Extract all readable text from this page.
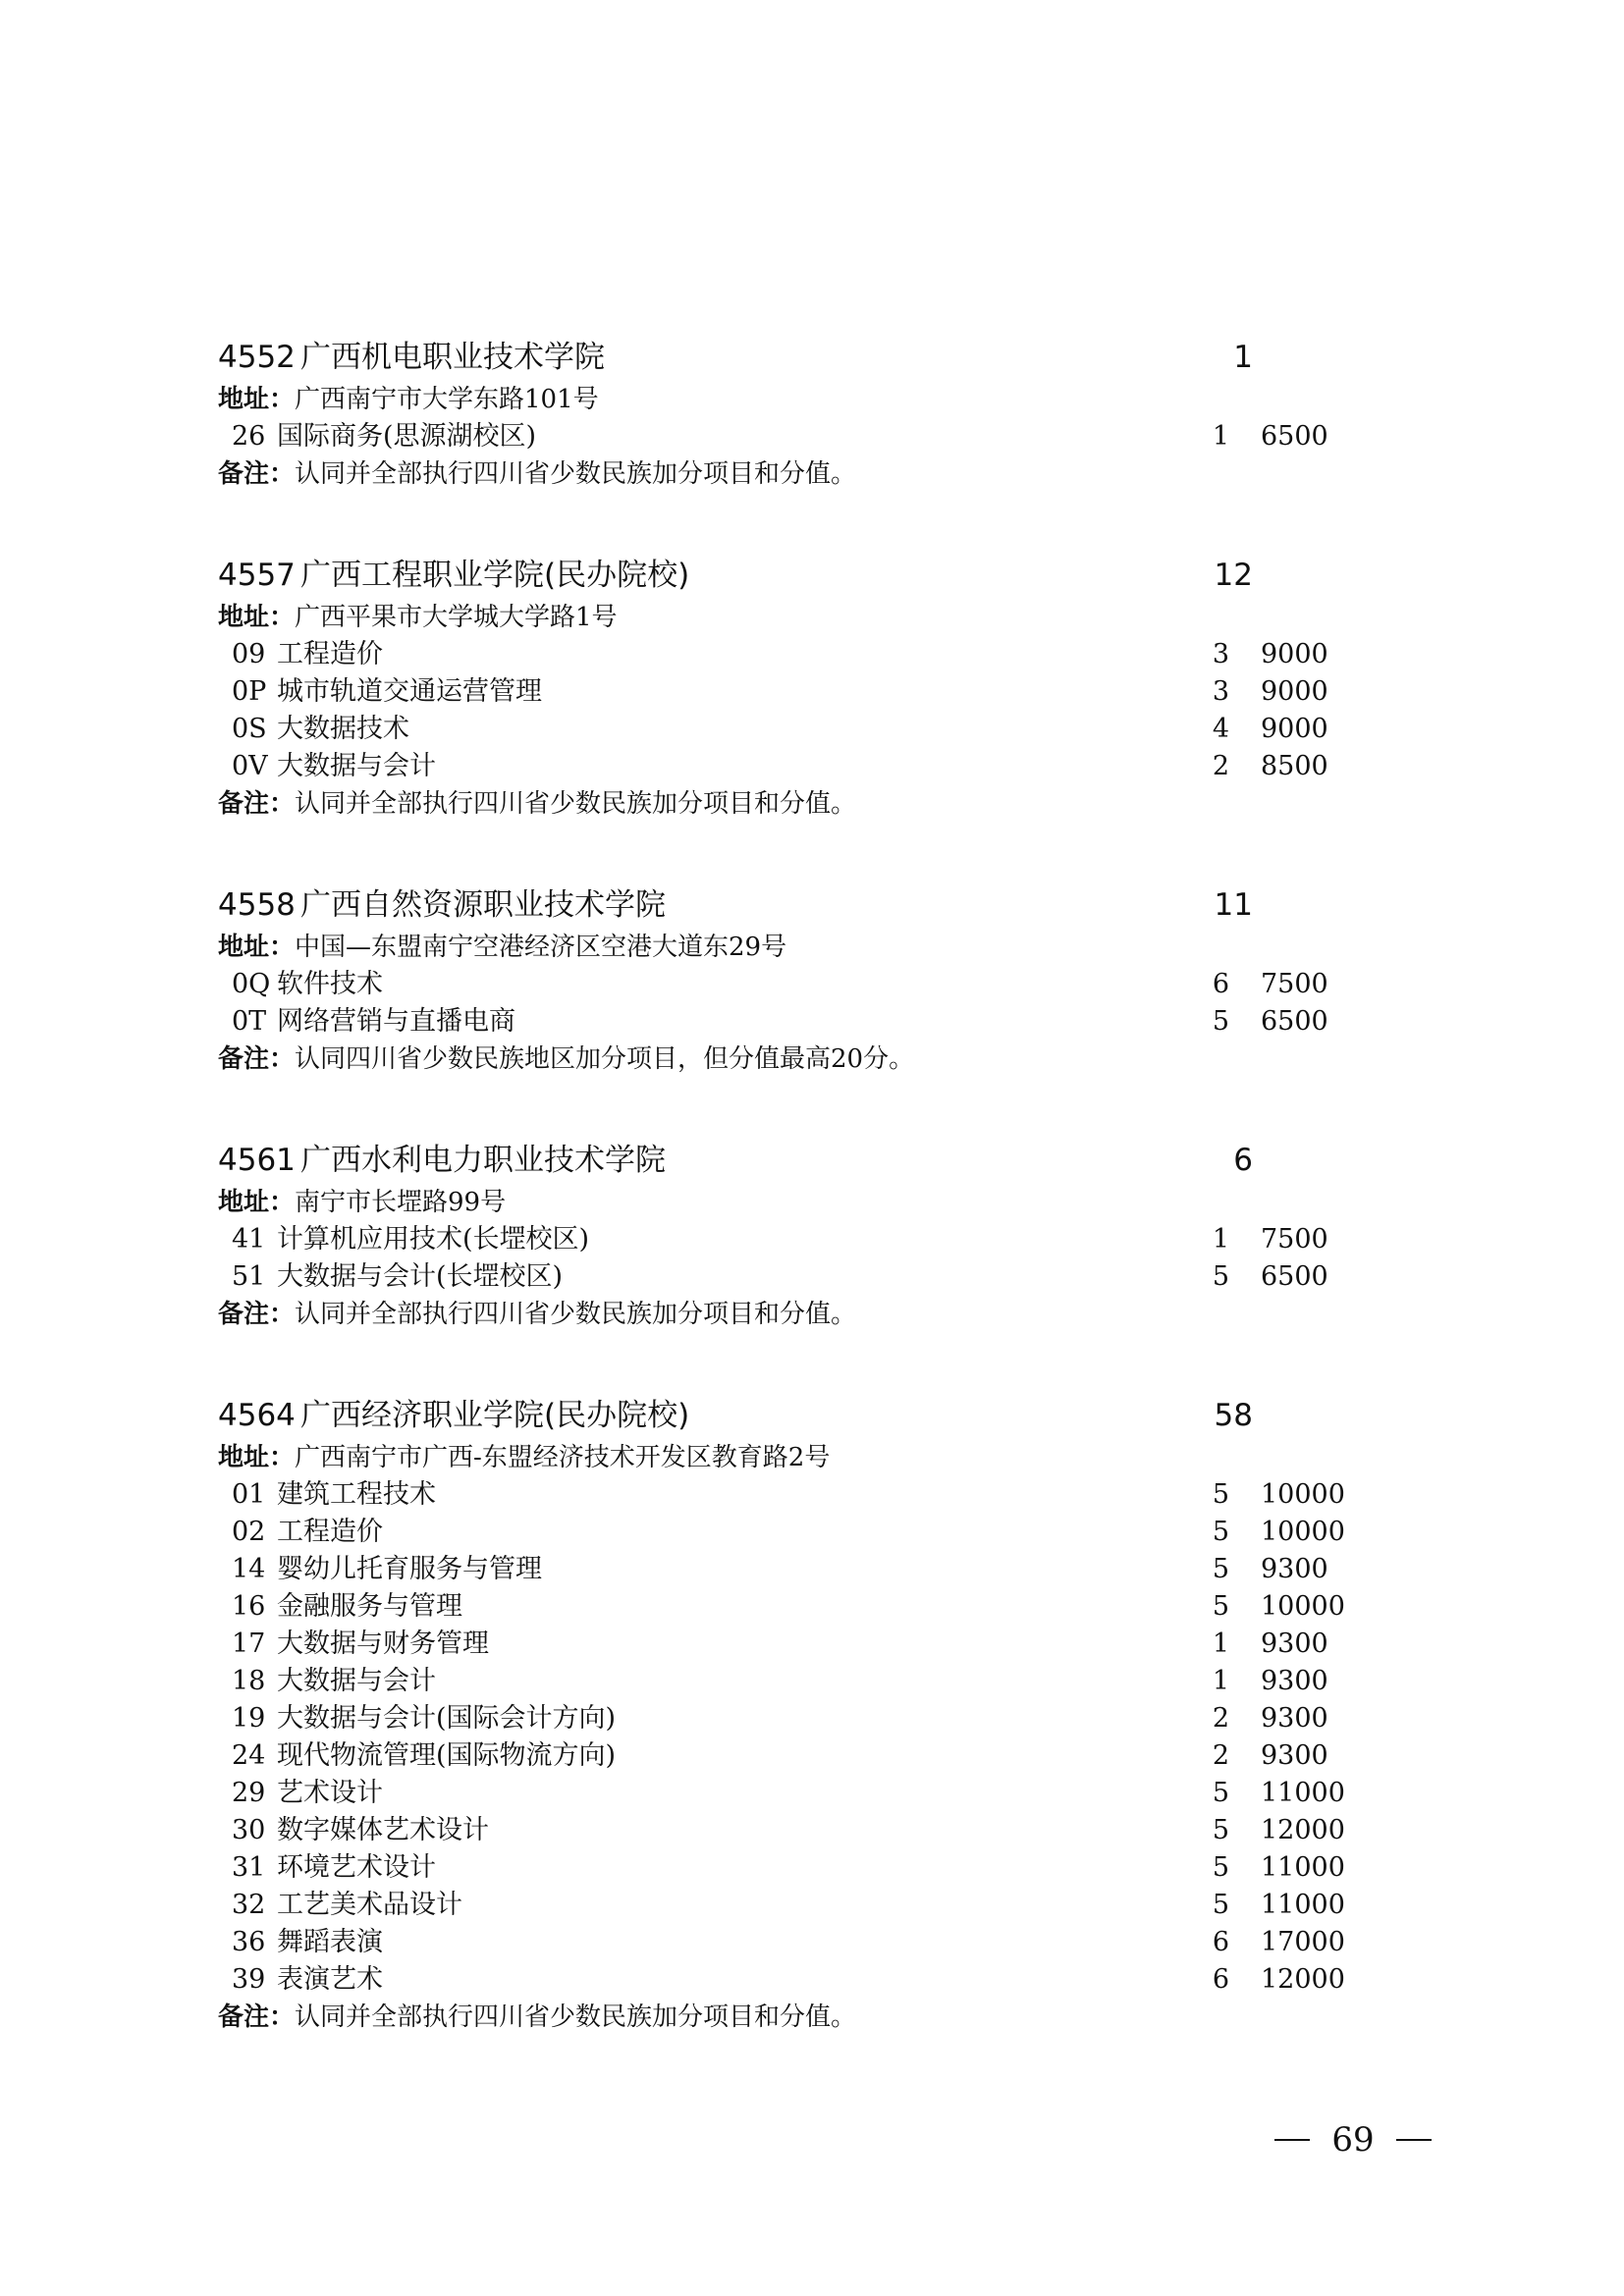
4552 广西机电职业技术学院	1
地址：广西南宁市大学东路101号
26 国际商务(思源湖校区)	1 6500
备注：认同并全部执行四川省少数民族加分项目和分值。
4557 广西工程职业学院(民办院校)	12
地址：广西平果市大学城大学路1号
09 工程造价	3 9000
0P 城市轨道交通运营管理	3 9000
0S 大数据技术	4 9000
0V 大数据与会计	2 8500
备注：认同并全部执行四川省少数民族加分项目和分值。
4558 广西自然资源职业技术学院	11
地址：中国—东盟南宁空港经济区空港大道东29号
0Q 软件技术	6 7500
0T 网络营销与直播电商	5 6500
备注：认同四川省少数民族地区加分项目，但分值最高20分。
4561 广西水利电力职业技术学院	6
地址：南宁市长堽路99号
41 计算机应用技术(长堽校区)	1 7500
51 大数据与会计(长堽校区)	5 6500
备注：认同并全部执行四川省少数民族加分项目和分值。
4564 广西经济职业学院(民办院校)	58
地址：广西南宁市广西-东盟经济技术开发区教育路2号
01 建筑工程技术	5 10000
02 工程造价	5 10000
14 婴幼儿托育服务与管理	5 9300
16 金融服务与管理	5 10000
17 大数据与财务管理	1 9300
18 大数据与会计	1 9300
19 大数据与会计(国际会计方向)	2 9300
24 现代物流管理(国际物流方向)	2 9300
29 艺术设计	5 11000
30 数字媒体艺术设计	5 12000
31 环境艺术设计	5 11000
32 工艺美术品设计	5 11000
36 舞蹈表演	6 17000
39 表演艺术	6 12000
备注：认同并全部执行四川省少数民族加分项目和分值。
69
